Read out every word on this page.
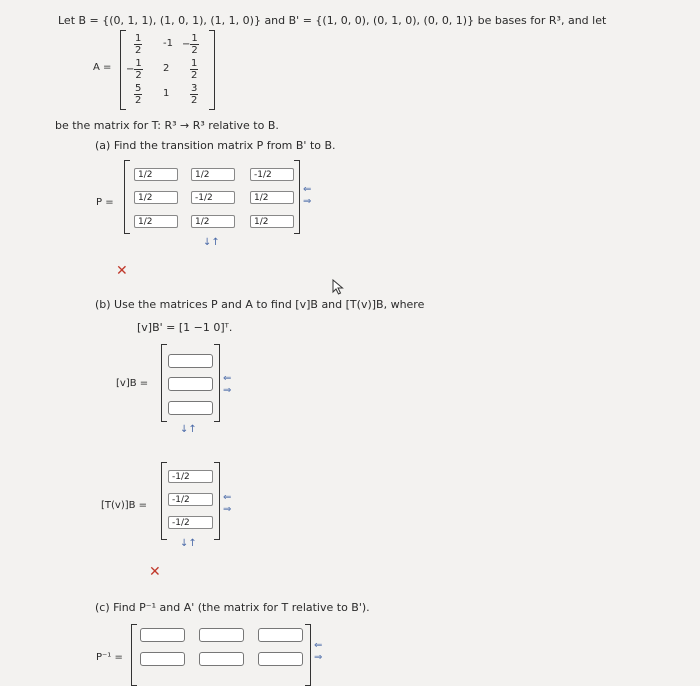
Let B = {(0, 1, 1), (1, 0, 1), (1, 1, 0)} and B' = {(1, 0, 0), (0, 1, 0), (0, 0, 1)} be bases for R³, and let
A =
$\frac{1}{2} -1 - \frac{1}{2}$
− $\frac{1}{2} 2 \frac{1}{2}$
$\frac{5}{2} 1 \frac{3}{2}$
be the matrix for T: R³ → R³ relative to B.
(a) Find the transition matrix P from B' to B.
P =
1/2	1/2	-1/2
1/2	-1/2	1/2
1/2	1/2	1/2
⇐
⇒
↓↑
✕
(b) Use the matrices P and A to find [v]B and [T(v)]B, where
[v]B' = [1 −1 0]ᵀ.
[v]B =	⇐
⇒
↓↑
[T(v)]B =
-1/2
-1/2
-1/2
⇐
⇒
↓↑
✕
(c) Find P⁻¹ and A' (the matrix for T relative to B').
P⁻¹ =
⇐
⇒
